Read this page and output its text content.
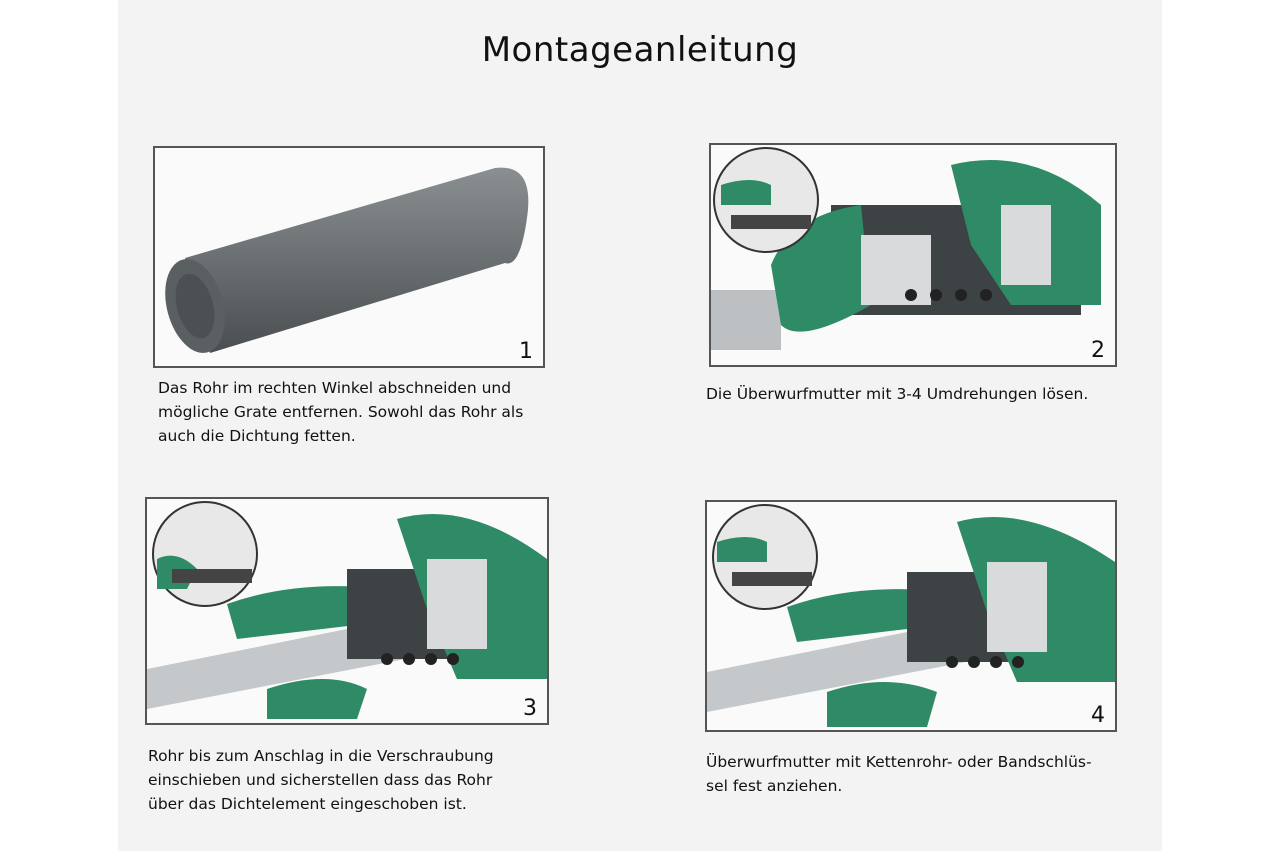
Montageanleitung
1	2
3	4
Das Rohr im rechten Winkel abschneiden und
mögliche Grate entfernen. Sowohl das Rohr als
auch die Dichtung fetten.
Die Überwurfmutter mit 3-4 Umdrehungen lösen.
Rohr bis zum Anschlag in die Verschraubung
einschieben und sicherstellen dass das Rohr
über das Dichtelement eingeschoben ist.
Überwurfmutter mit Kettenrohr- oder Bandschlüs-
sel fest anziehen.
